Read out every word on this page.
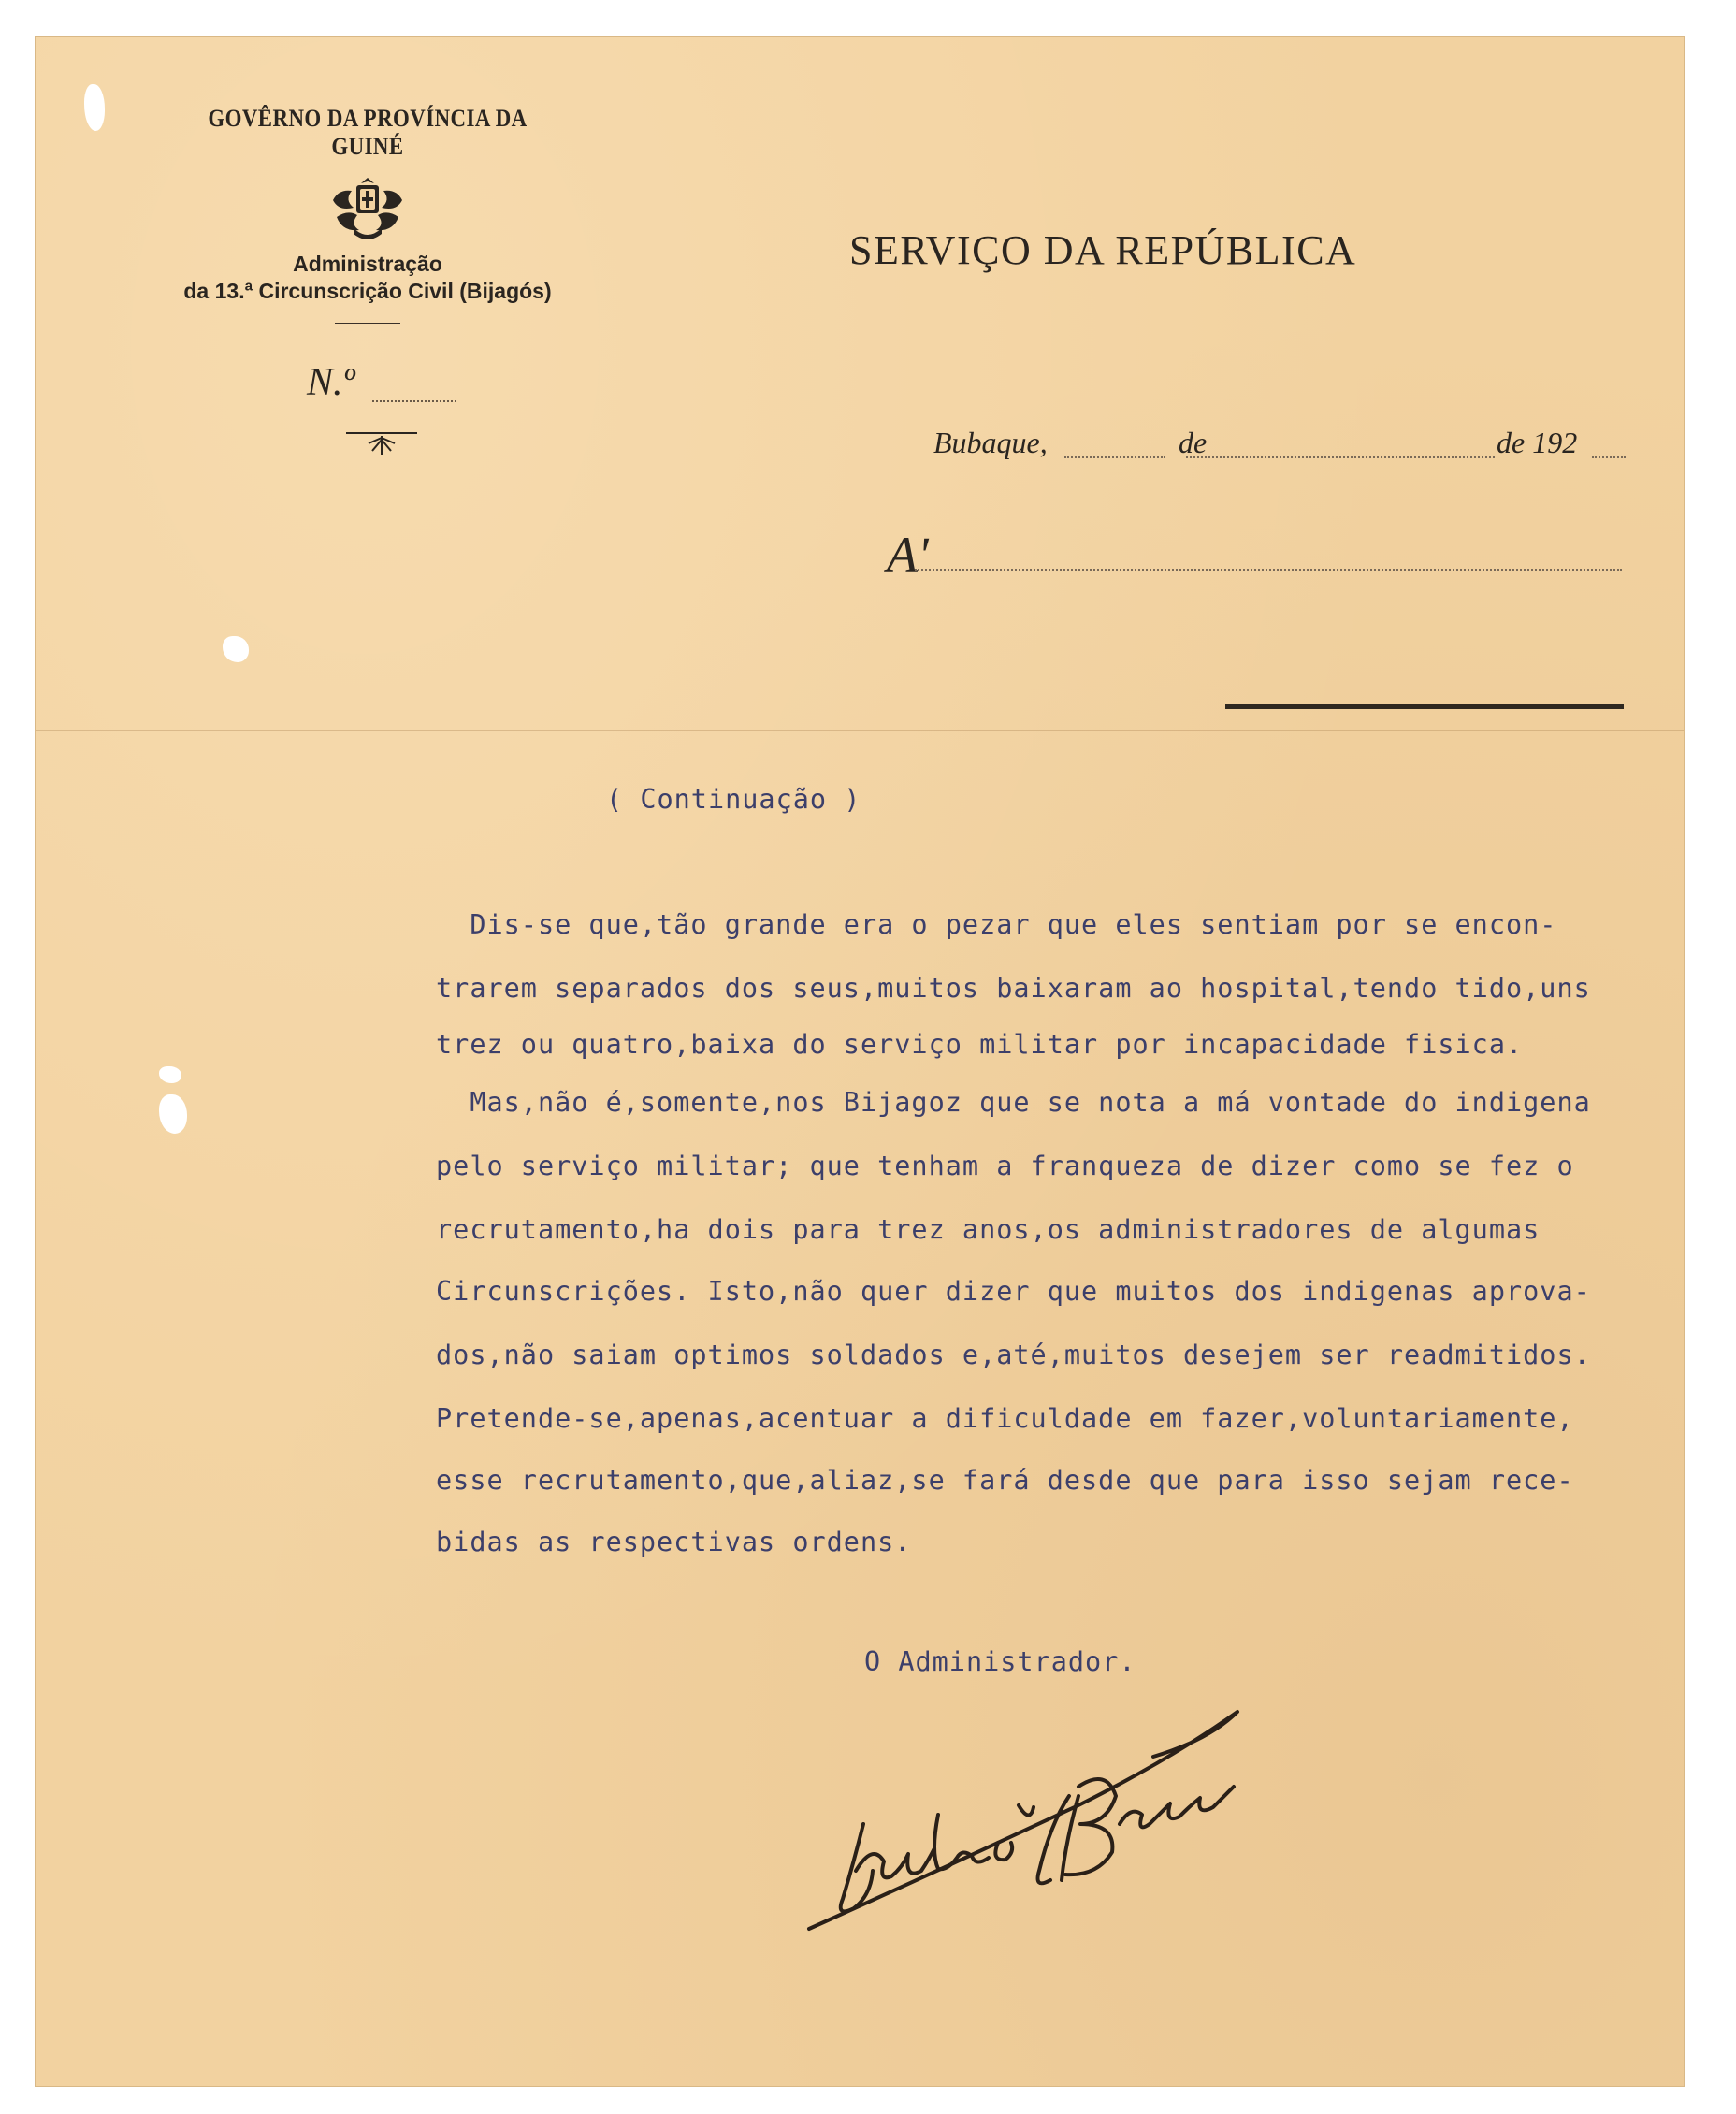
GOVÊRNO DA PROVÍNCIA DA GUINÉ
Administração
da 13.ª Circunscrição Civil (Bijagós)
N.º
SERVIÇO DA REPÚBLICA
Bubaque,	de	de 192
A'
( Continuação )

Dis-se que,tão grande era o pezar que eles sentiam por se encon-

trarem separados dos seus,muitos baixaram ao hospital,tendo tido,uns

trez ou quatro,baixa do serviço militar por incapacidade fisica.

Mas,não é,somente,nos Bijagoz que se nota a má vontade do indigena

pelo serviço militar; que tenham a franqueza de dizer como se fez o

recrutamento,ha dois para trez anos,os administradores de algumas

Circunscrições. Isto,não quer dizer que muitos dos indigenas aprova-

dos,não saiam optimos soldados e,até,muitos desejem ser readmitidos.

Pretende-se,apenas,acentuar a dificuldade em fazer,voluntariamente,

esse recrutamento,que,aliaz,se fará desde que para isso sejam rece-

bidas as respectivas ordens.

O Administrador.
